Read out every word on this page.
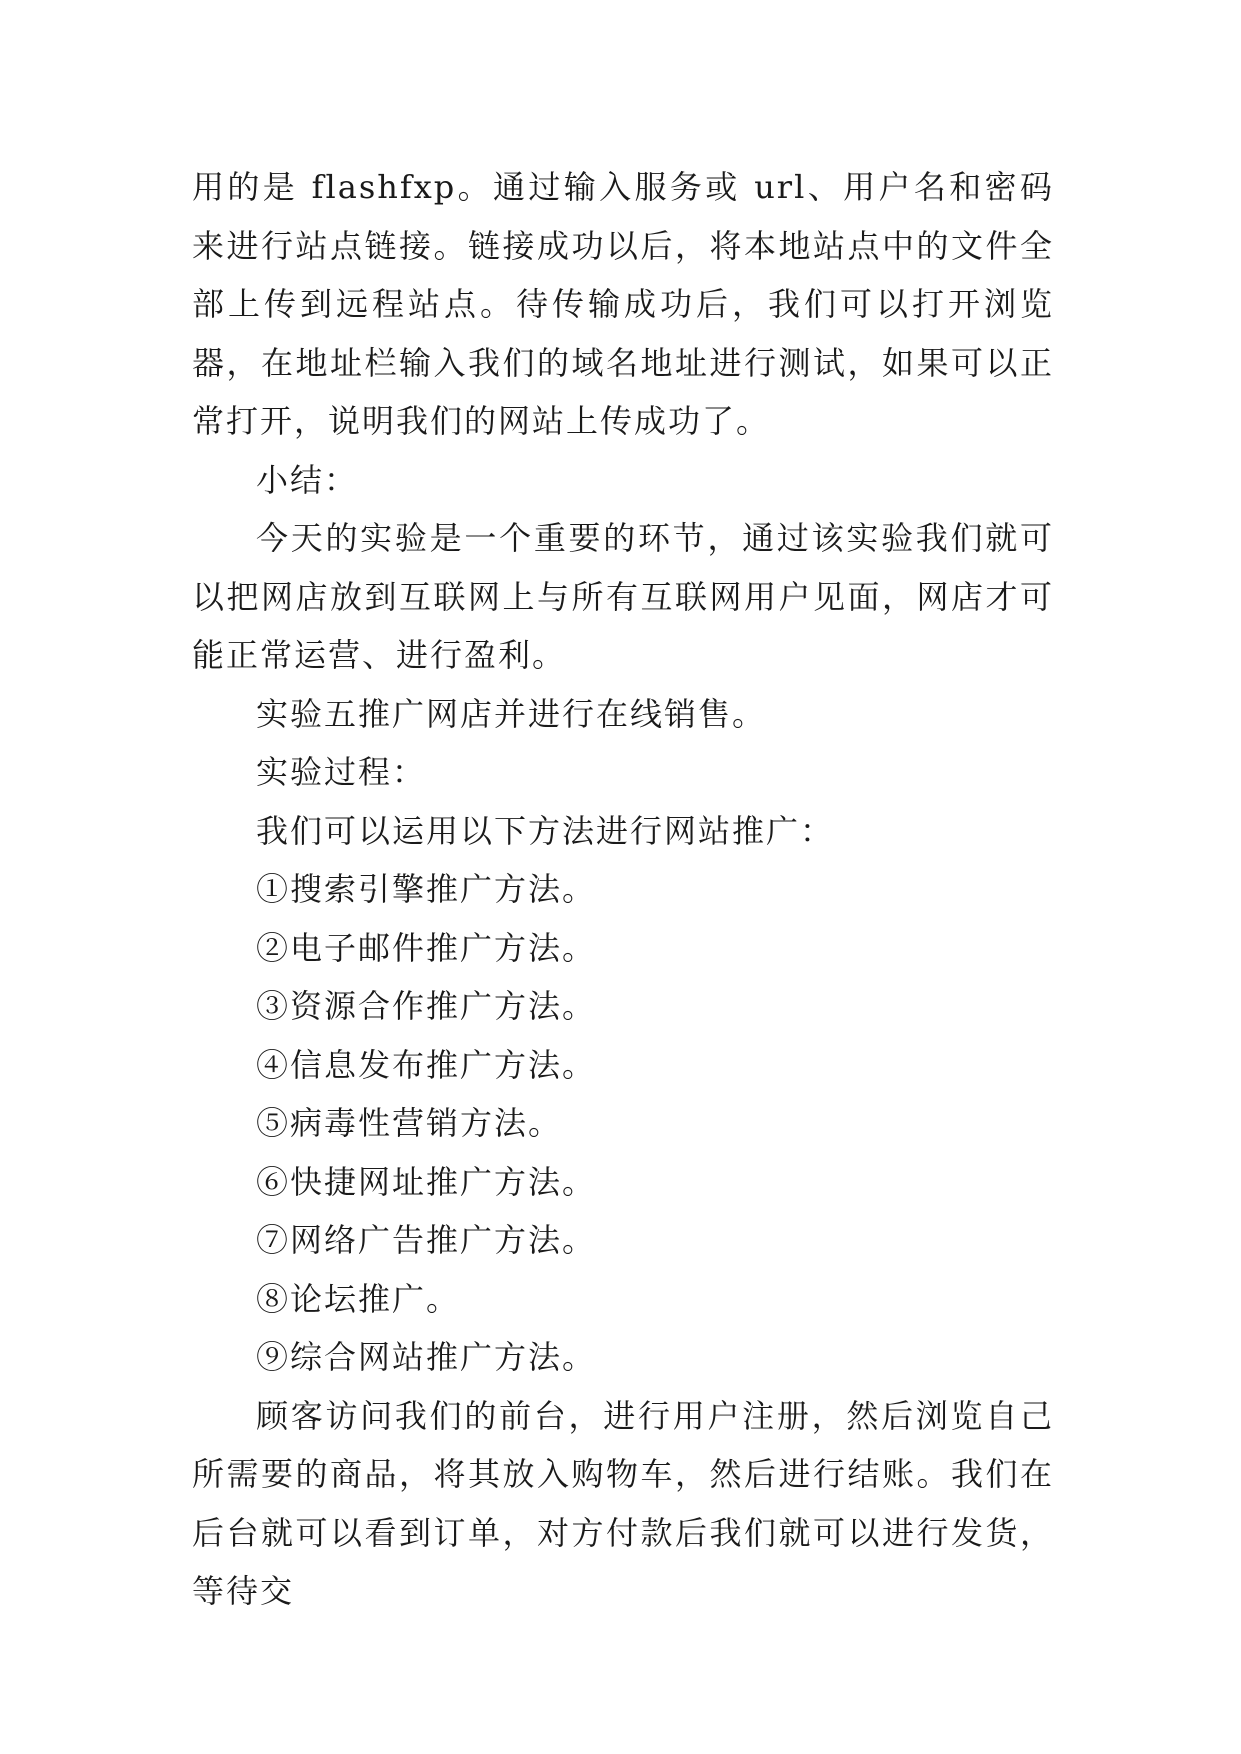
用的是 flashfxp。通过输入服务或 url、用户名和密码来进行站点链接。链接成功以后，将本地站点中的文件全部上传到远程站点。待传输成功后，我们可以打开浏览器，在地址栏输入我们的域名地址进行测试，如果可以正常打开，说明我们的网站上传成功了。

小结：

今天的实验是一个重要的环节，通过该实验我们就可以把网店放到互联网上与所有互联网用户见面，网店才可能正常运营、进行盈利。

实验五推广网店并进行在线销售。

实验过程：

我们可以运用以下方法进行网站推广：

①搜索引擎推广方法。

②电子邮件推广方法。

③资源合作推广方法。

④信息发布推广方法。

⑤病毒性营销方法。

⑥快捷网址推广方法。

⑦网络广告推广方法。

⑧论坛推广。

⑨综合网站推广方法。

顾客访问我们的前台，进行用户注册，然后浏览自己所需要的商品，将其放入购物车，然后进行结账。我们在后台就可以看到订单，对方付款后我们就可以进行发货，等待交
